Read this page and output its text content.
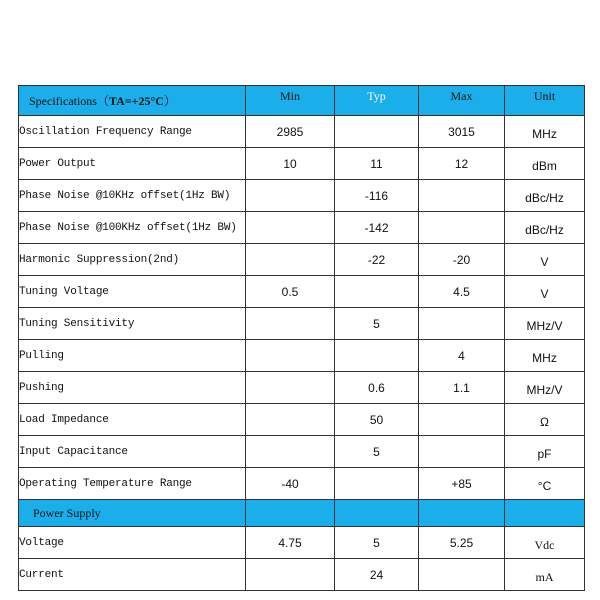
Specifications（TA=+25°C）	Min	Typ	Max	Unit
Oscillation Frequency Range	2985		3015	MHz
Power Output	10	11	12	dBm
Phase Noise @10KHz offset(1Hz BW)		-116		dBc/Hz
Phase Noise @100KHz offset(1Hz BW)		-142		dBc/Hz
Harmonic Suppression(2nd)		-22	-20	V
Tuning Voltage	0.5		4.5	V
Tuning Sensitivity		5		MHz/V
Pulling			4	MHz
Pushing		0.6	1.1	MHz/V
Load Impedance		50		Ω
Input Capacitance		5		pF
Operating Temperature Range	-40		+85	°C
Power Supply				
Voltage	4.75	5	5.25	Vdc
Current		24		mA
